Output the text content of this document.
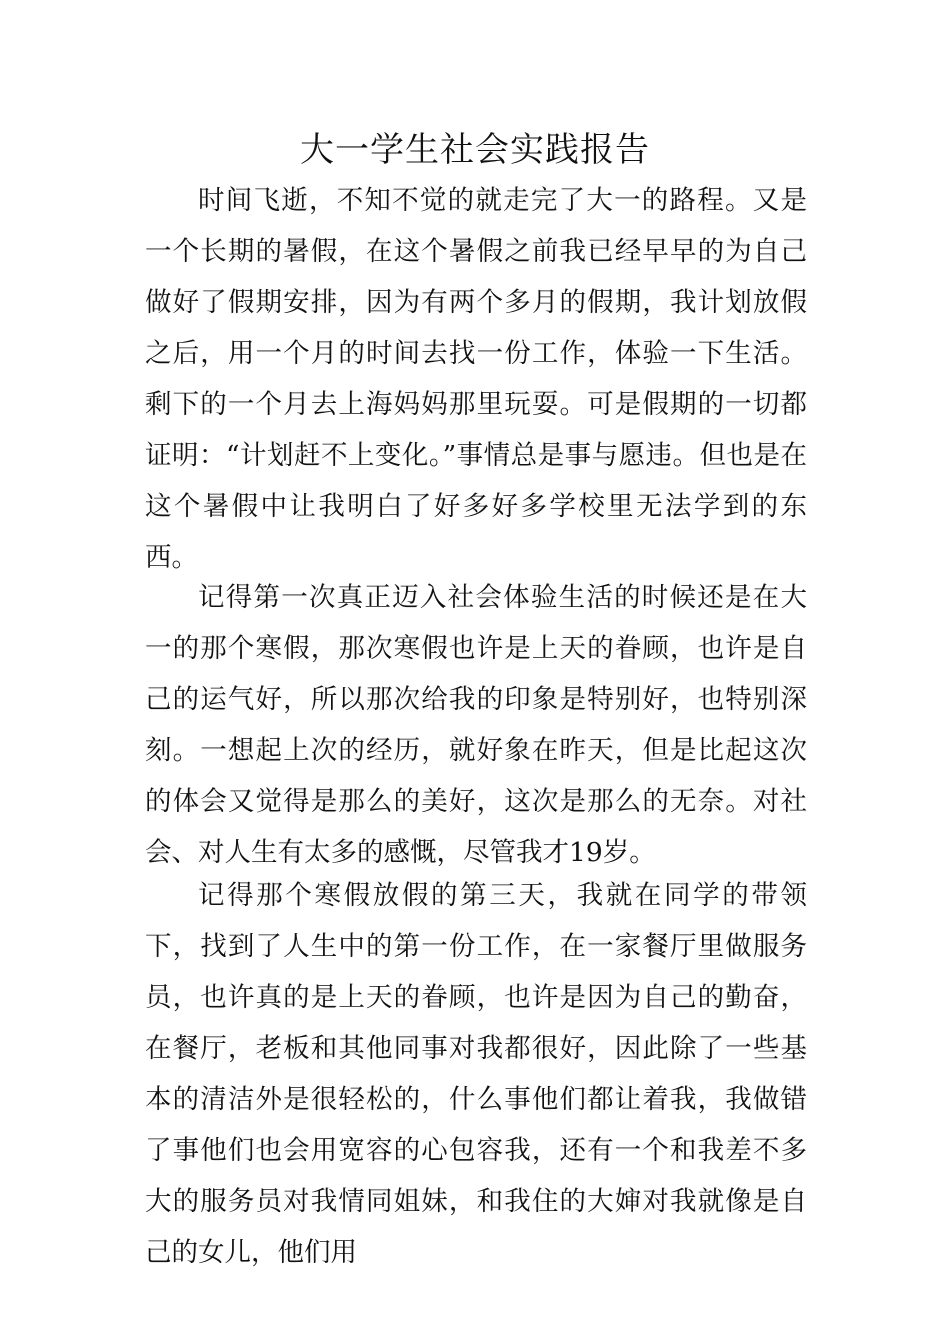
大一学生社会实践报告

时间飞逝，不知不觉的就走完了大一的路程。又是一个长期的暑假，在这个暑假之前我已经早早的为自己做好了假期安排，因为有两个多月的假期，我计划放假之后，用一个月的时间去找一份工作，体验一下生活。剩下的一个月去上海妈妈那里玩耍。可是假期的一切都证明：“计划赶不上变化。”事情总是事与愿违。但也是在这个暑假中让我明白了好多好多学校里无法学到的东西。

记得第一次真正迈入社会体验生活的时候还是在大一的那个寒假，那次寒假也许是上天的眷顾，也许是自己的运气好，所以那次给我的印象是特别好，也特别深刻。一想起上次的经历，就好象在昨天，但是比起这次的体会又觉得是那么的美好，这次是那么的无奈。对社会、对人生有太多的感慨，尽管我才19岁。

记得那个寒假放假的第三天，我就在同学的带领下，找到了人生中的第一份工作，在一家餐厅里做服务员，也许真的是上天的眷顾，也许是因为自己的勤奋，在餐厅，老板和其他同事对我都很好，因此除了一些基本的清洁外是很轻松的，什么事他们都让着我，我做错了事他们也会用宽容的心包容我，还有一个和我差不多大的服务员对我情同姐妹，和我住的大婶对我就像是自己的女儿，他们用
